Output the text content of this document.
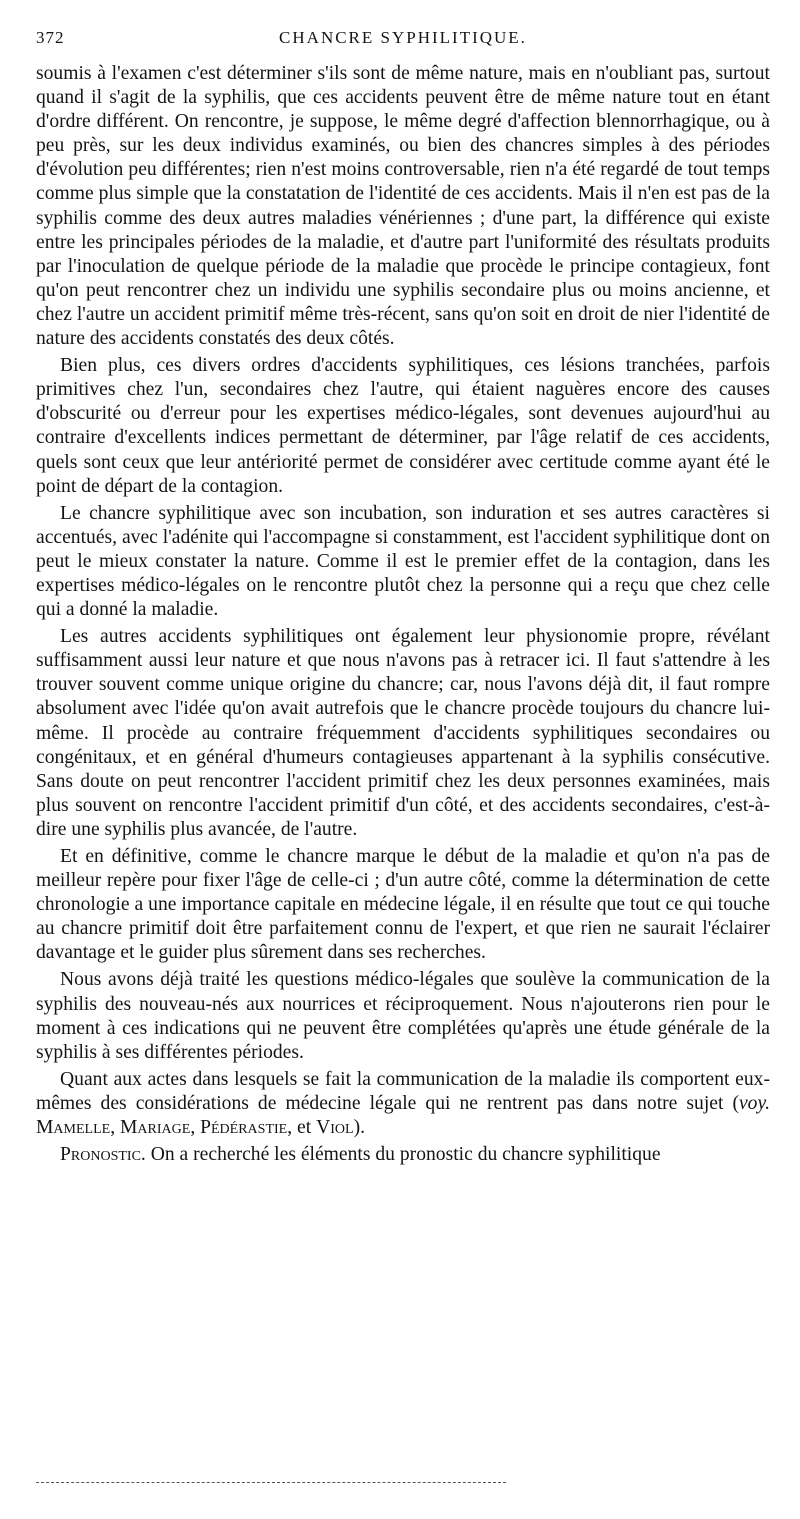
372	CHANCRE SYPHILITIQUE.

soumis à l'examen c'est déterminer s'ils sont de même nature, mais en n'oubliant pas, surtout quand il s'agit de la syphilis, que ces accidents peuvent être de même nature tout en étant d'ordre différent. On rencontre, je suppose, le même degré d'affection blennorrhagique, ou à peu près, sur les deux individus examinés, ou bien des chancres simples à des périodes d'évolution peu différentes; rien n'est moins controversable, rien n'a été regardé de tout temps comme plus simple que la constatation de l'identité de ces accidents. Mais il n'en est pas de la syphilis comme des deux autres maladies vénériennes ; d'une part, la différence qui existe entre les principales périodes de la maladie, et d'autre part l'uniformité des résultats produits par l'inoculation de quelque période de la maladie que procède le principe contagieux, font qu'on peut rencontrer chez un individu une syphilis secondaire plus ou moins ancienne, et chez l'autre un accident primitif même très-récent, sans qu'on soit en droit de nier l'identité de nature des accidents constatés des deux côtés.

Bien plus, ces divers ordres d'accidents syphilitiques, ces lésions tranchées, parfois primitives chez l'un, secondaires chez l'autre, qui étaient naguères encore des causes d'obscurité ou d'erreur pour les expertises médico-légales, sont devenues aujourd'hui au contraire d'excellents indices permettant de déterminer, par l'âge relatif de ces accidents, quels sont ceux que leur antériorité permet de considérer avec certitude comme ayant été le point de départ de la contagion.

Le chancre syphilitique avec son incubation, son induration et ses autres caractères si accentués, avec l'adénite qui l'accompagne si constamment, est l'accident syphilitique dont on peut le mieux constater la nature. Comme il est le premier effet de la contagion, dans les expertises médico-légales on le rencontre plutôt chez la personne qui a reçu que chez celle qui a donné la maladie.

Les autres accidents syphilitiques ont également leur physionomie propre, révélant suffisamment aussi leur nature et que nous n'avons pas à retracer ici. Il faut s'attendre à les trouver souvent comme unique origine du chancre; car, nous l'avons déjà dit, il faut rompre absolument avec l'idée qu'on avait autrefois que le chancre procède toujours du chancre lui-même. Il procède au contraire fréquemment d'accidents syphilitiques secondaires ou congénitaux, et en général d'humeurs contagieuses appartenant à la syphilis consécutive. Sans doute on peut rencontrer l'accident primitif chez les deux personnes examinées, mais plus souvent on rencontre l'accident primitif d'un côté, et des accidents secondaires, c'est-à-dire une syphilis plus avancée, de l'autre.

Et en définitive, comme le chancre marque le début de la maladie et qu'on n'a pas de meilleur repère pour fixer l'âge de celle-ci ; d'un autre côté, comme la détermination de cette chronologie a une importance capitale en médecine légale, il en résulte que tout ce qui touche au chancre primitif doit être parfaitement connu de l'expert, et que rien ne saurait l'éclairer davantage et le guider plus sûrement dans ses recherches.

Nous avons déjà traité les questions médico-légales que soulève la communication de la syphilis des nouveau-nés aux nourrices et réciproquement. Nous n'ajouterons rien pour le moment à ces indications qui ne peuvent être complétées qu'après une étude générale de la syphilis à ses différentes périodes.

Quant aux actes dans lesquels se fait la communication de la maladie ils comportent eux-mêmes des considérations de médecine légale qui ne rentrent pas dans notre sujet (voy. Mamelle, Mariage, Pédérastie, et Viol).

Pronostic. On a recherché les éléments du pronostic du chancre syphilitique
